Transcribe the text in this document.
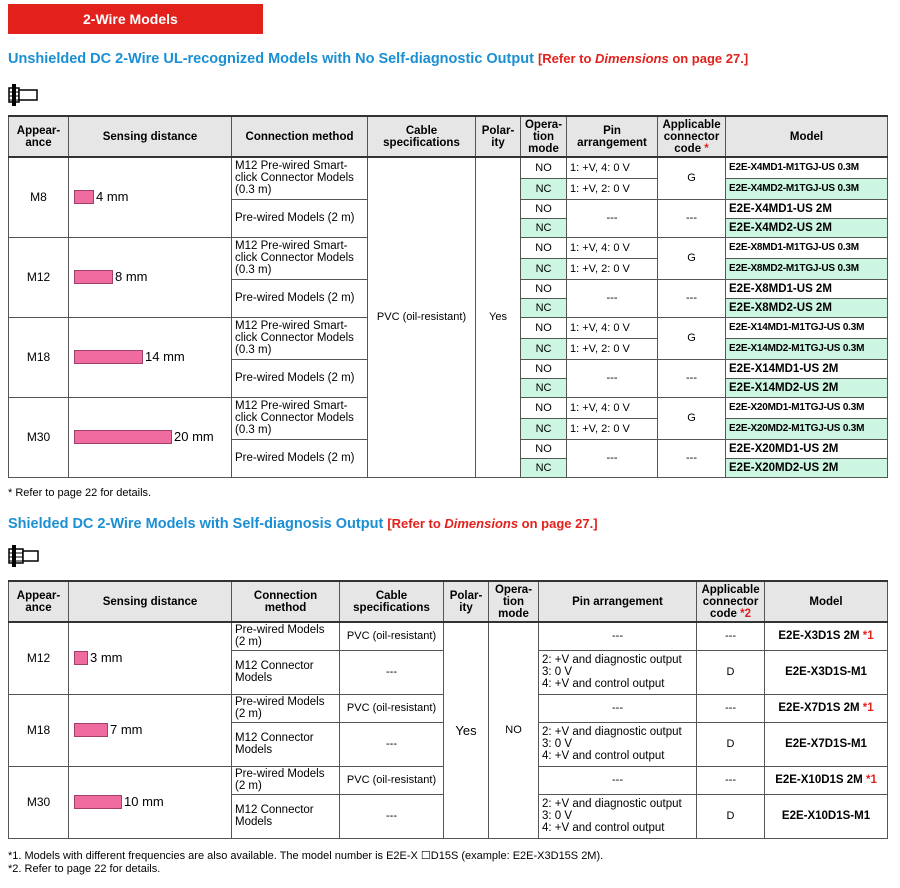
2-Wire Models
Unshielded DC 2-Wire UL-recognized Models with No Self-diagnostic Output [Refer to Dimensions on page 27.]
Appear-ance	Sensing distance	Connection method	Cable specifications	Polar-ity	Opera-tion mode	Pin arrangement	Applicable connector code *	Model
M8	4 mm	M12 Pre-wired Smart-click Connector Models (0.3 m)	PVC (oil-resistant)	Yes	NO	1: +V, 4: 0 V	G	E2E-X4MD1-M1TGJ-US 0.3M
					NC	1: +V, 2: 0 V		E2E-X4MD2-M1TGJ-US 0.3M
		Pre-wired Models (2 m)			NO	---	---	E2E-X4MD1-US 2M
					NC			E2E-X4MD2-US 2M
M12	8 mm	M12 Pre-wired Smart-click Connector Models (0.3 m)			NO	1: +V, 4: 0 V	G	E2E-X8MD1-M1TGJ-US 0.3M
					NC	1: +V, 2: 0 V		E2E-X8MD2-M1TGJ-US 0.3M
		Pre-wired Models (2 m)			NO	---	---	E2E-X8MD1-US 2M
					NC			E2E-X8MD2-US 2M
M18	14 mm	M12 Pre-wired Smart-click Connector Models (0.3 m)			NO	1: +V, 4: 0 V	G	E2E-X14MD1-M1TGJ-US 0.3M
					NC	1: +V, 2: 0 V		E2E-X14MD2-M1TGJ-US 0.3M
		Pre-wired Models (2 m)			NO	---	---	E2E-X14MD1-US 2M
					NC			E2E-X14MD2-US 2M
M30	20 mm	M12 Pre-wired Smart-click Connector Models (0.3 m)			NO	1: +V, 4: 0 V	G	E2E-X20MD1-M1TGJ-US 0.3M
					NC	1: +V, 2: 0 V		E2E-X20MD2-M1TGJ-US 0.3M
		Pre-wired Models (2 m)			NO	---	---	E2E-X20MD1-US 2M
					NC			E2E-X20MD2-US 2M
* Refer to page 22 for details.
Shielded DC 2-Wire Models with Self-diagnosis Output [Refer to Dimensions on page 27.]
Appear-ance	Sensing distance	Connection method	Cable specifications	Polar-ity	Opera-tion mode	Pin arrangement	Applicable connector code *2	Model
M12	3 mm	Pre-wired Models (2 m)	PVC (oil-resistant)	Yes	NO	---	---	E2E-X3D1S 2M *1
		M12 Connector Models	---			2: +V and diagnostic output
3: 0 V
4: +V and control output	D	E2E-X3D1S-M1
M18	7 mm	Pre-wired Models (2 m)	PVC (oil-resistant)			---	---	E2E-X7D1S 2M *1
		M12 Connector Models	---			2: +V and diagnostic output
3: 0 V
4: +V and control output	D	E2E-X7D1S-M1
M30	10 mm	Pre-wired Models (2 m)	PVC (oil-resistant)			---	---	E2E-X10D1S 2M *1
		M12 Connector Models	---			2: +V and diagnostic output
3: 0 V
4: +V and control output	D	E2E-X10D1S-M1
*1. Models with different frequencies are also available. The model number is E2E-X ☐D15S (example: E2E-X3D15S 2M).
*2. Refer to page 22 for details.
